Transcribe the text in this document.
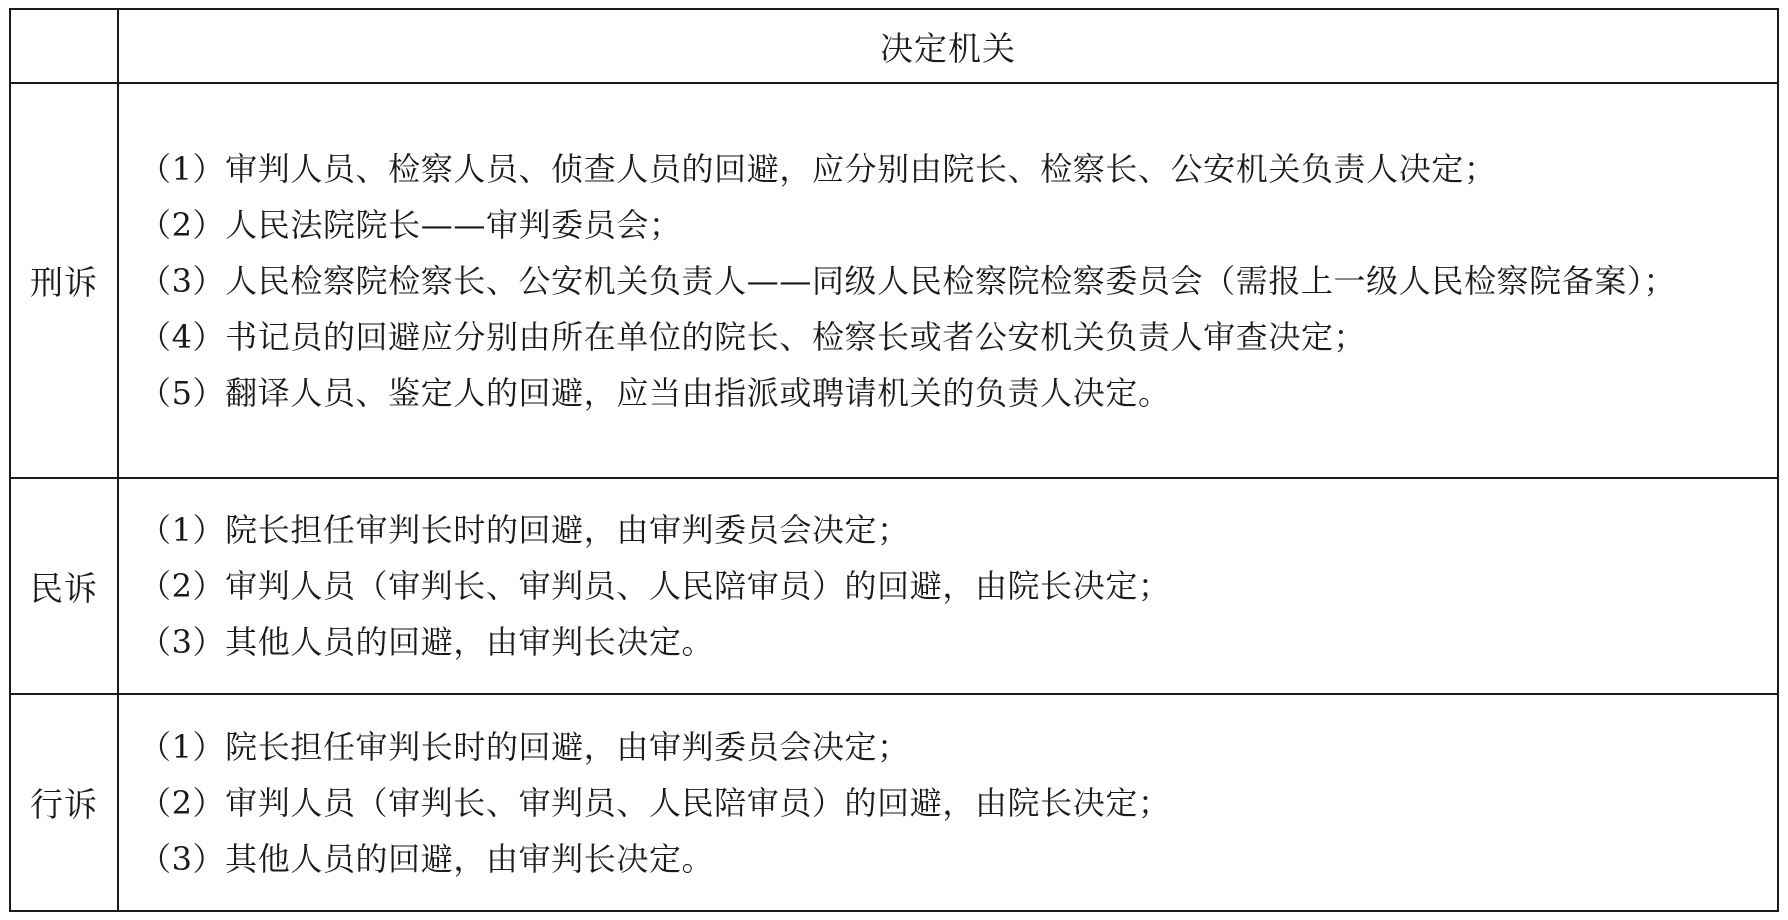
	决定机关
刑诉	（1）审判人员、检察人员、侦查人员的回避，应分别由院长、检察长、公安机关负责人决定；
（2）人民法院院长——审判委员会；
（3）人民检察院检察长、公安机关负责人——同级人民检察院检察委员会（需报上一级人民检察院备案）；
（4）书记员的回避应分别由所在单位的院长、检察长或者公安机关负责人审查决定；
（5）翻译人员、鉴定人的回避，应当由指派或聘请机关的负责人决定。

民诉	（1）院长担任审判长时的回避，由审判委员会决定；
（2）审判人员（审判长、审判员、人民陪审员）的回避，由院长决定；
（3）其他人员的回避，由审判长决定。

行诉	（1）院长担任审判长时的回避，由审判委员会决定；
（2）审判人员（审判长、审判员、人民陪审员）的回避，由院长决定；
（3）其他人员的回避，由审判长决定。
